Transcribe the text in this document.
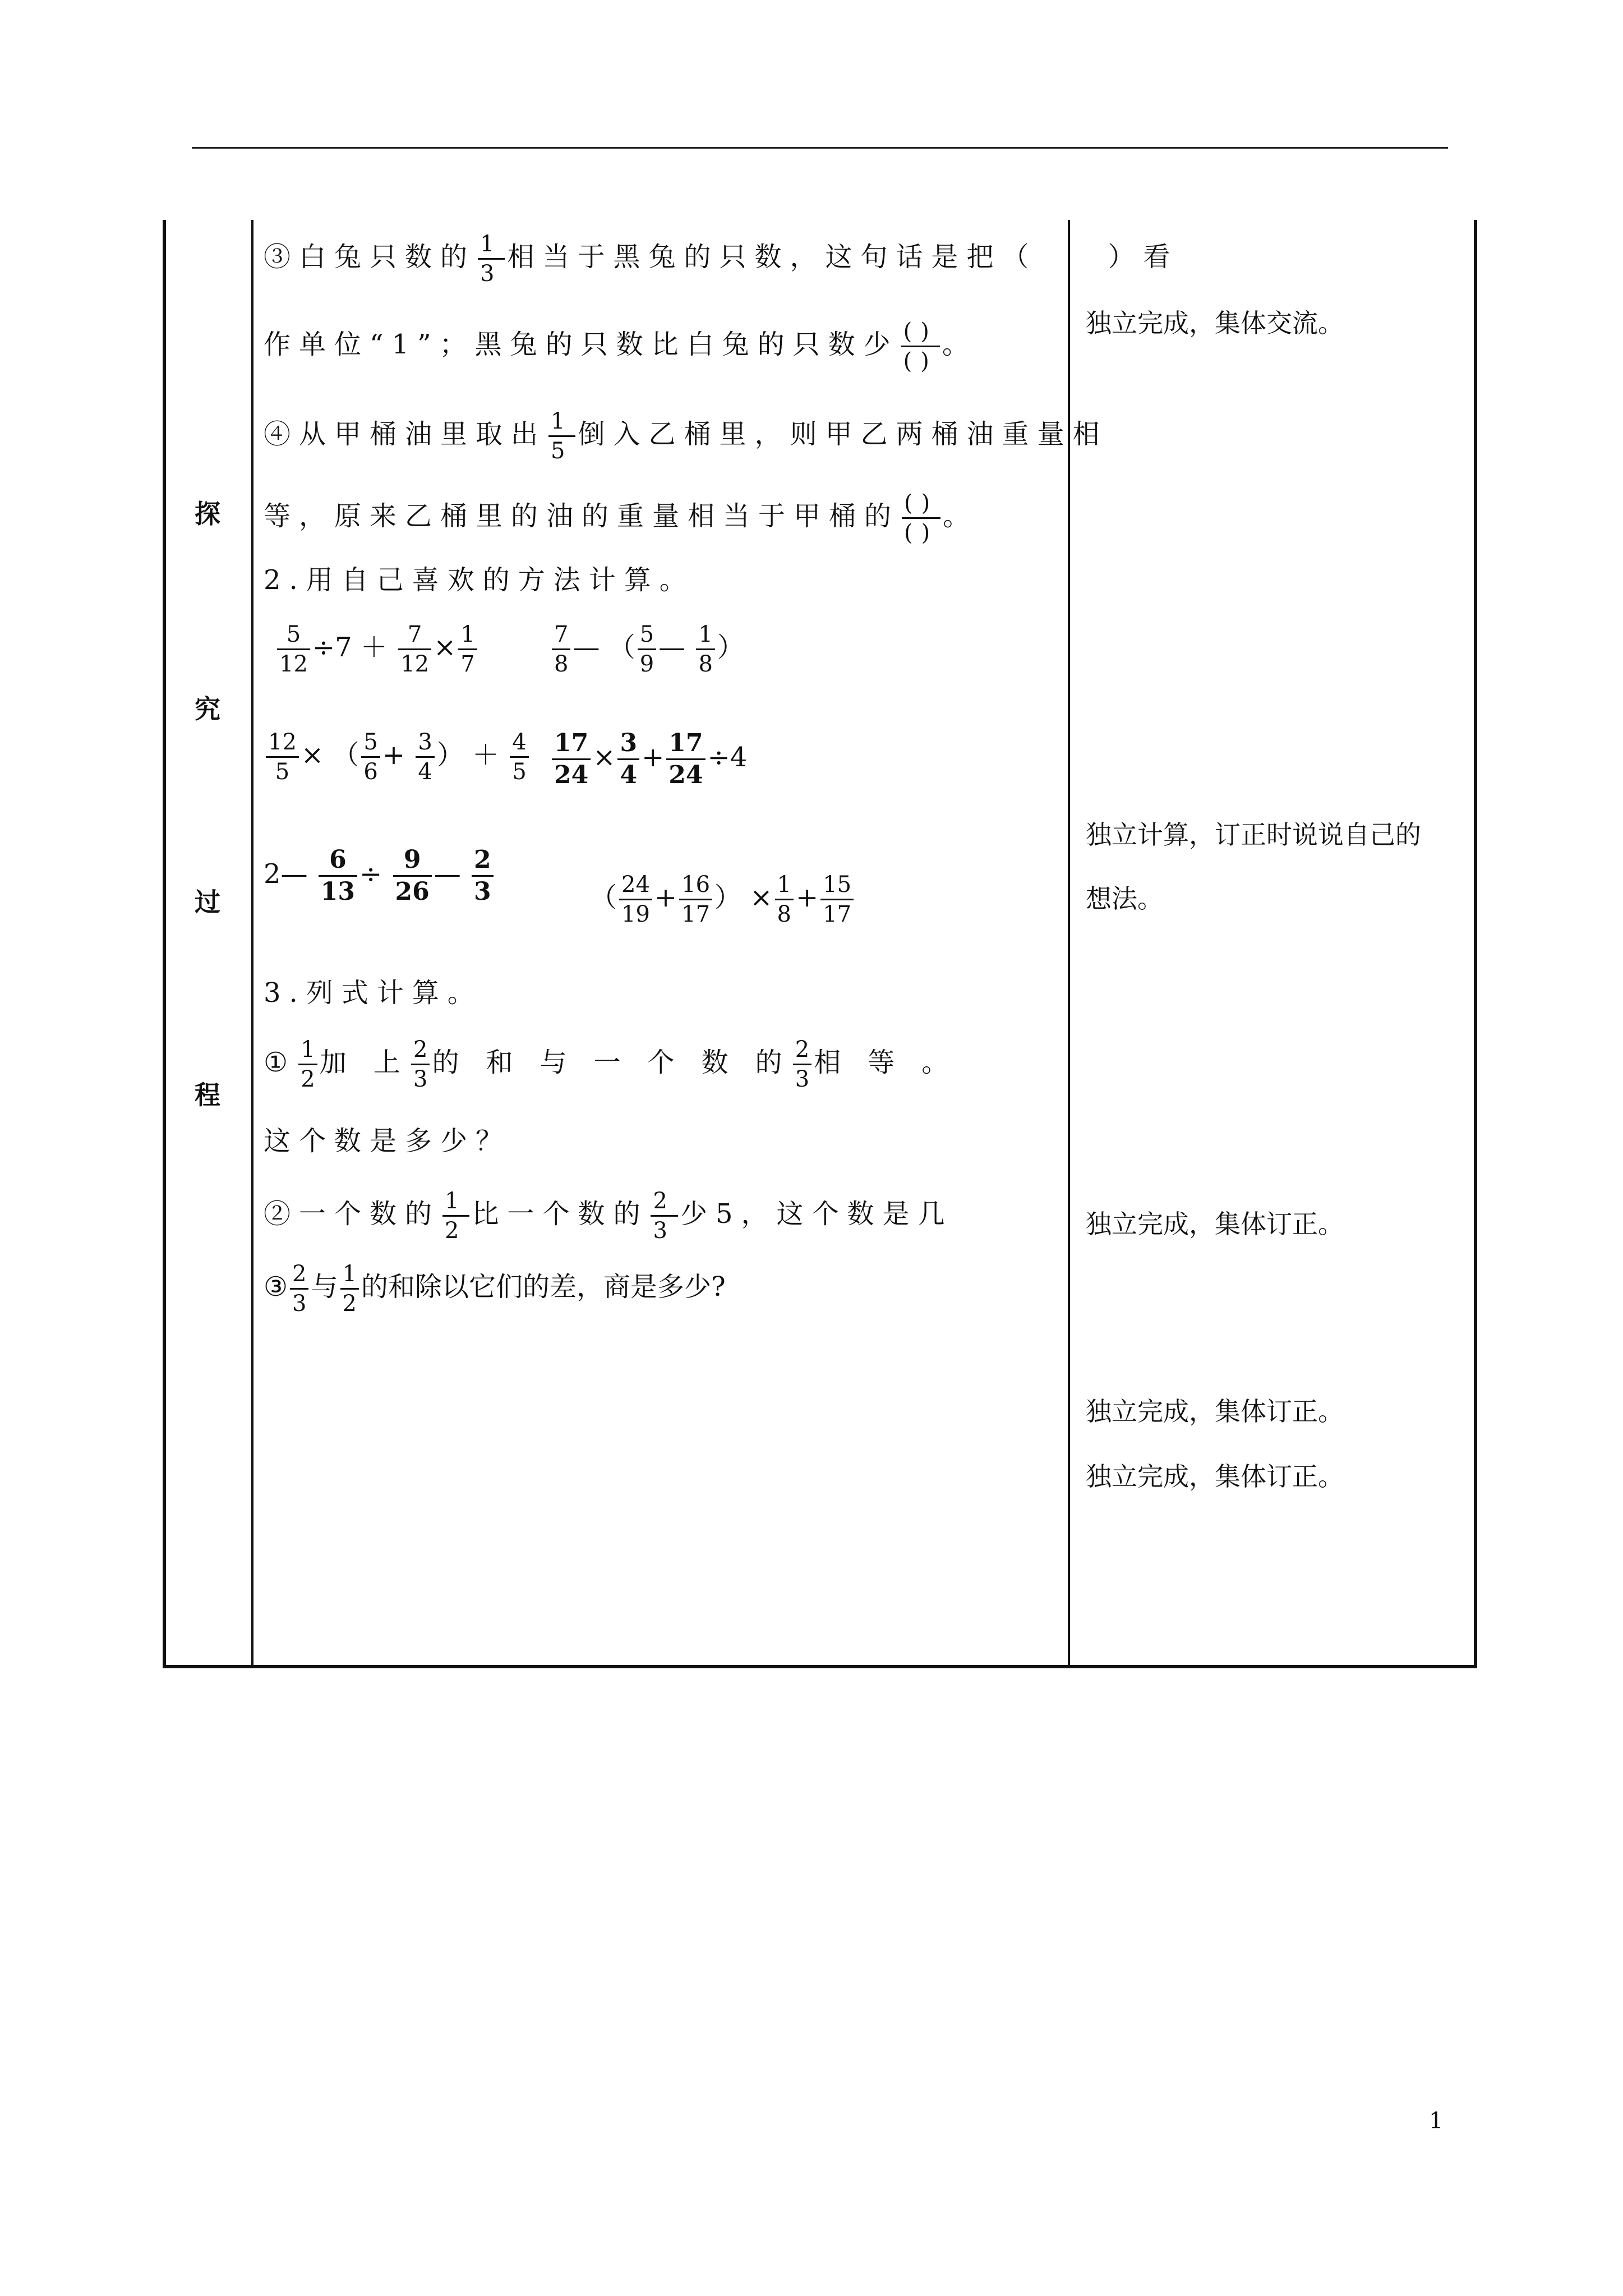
探
究
过
程
③白兔只数的 $\frac{1}{3}$ 相当于黑兔的只数，这句话是把（　　）看
作单位“1”；黑兔的只数比白兔的只数少 ()
()
。
④从甲桶油里取出 $\frac{1}{5}$ 倒入乙桶里，则甲乙两桶油重量相
等，原来乙桶里的油的重量相当于甲桶的 ()
()
。
2.用自己喜欢的方法计算。
$\frac{5}{12} \div 7 + \frac{7}{12} \times \frac{1}{7}$	$\frac{7}{8}$ — （ $\frac{5}{9}$ — $\frac{1}{8}$ ）
$\frac{12}{5}$ × （ $\frac{5}{6} + \frac{3}{4}$ ） ＋ $\frac{4}{5} \frac{17}{24} \times \frac{3}{4} + \frac{17}{24} \div 4$
2— $\frac{6}{13} \div \frac{9}{26}$ — $\frac{2}{3}$	（ $\frac{24}{19} + \frac{16}{17}$ ） × $\frac{1}{8} + \frac{15}{17}$
3.列式计算。
① $\frac{1}{2}$ 加　上 $\frac{2}{3}$ 的　和　与　一　个　数　的 $\frac{2}{3}$ 相　等　。
这个数是多少？
②一个数的 $\frac{1}{2}$ 比一个数的 $\frac{2}{3}$ 少5，这个数是几
③ $\frac{2}{3}$ 与 $\frac{1}{2}$ 的和除以它们的差，商是多少?
独立完成，集体交流。
独立计算，订正时说说自己的
想法。
独立完成，集体订正。
独立完成，集体订正。
独立完成，集体订正。
1
